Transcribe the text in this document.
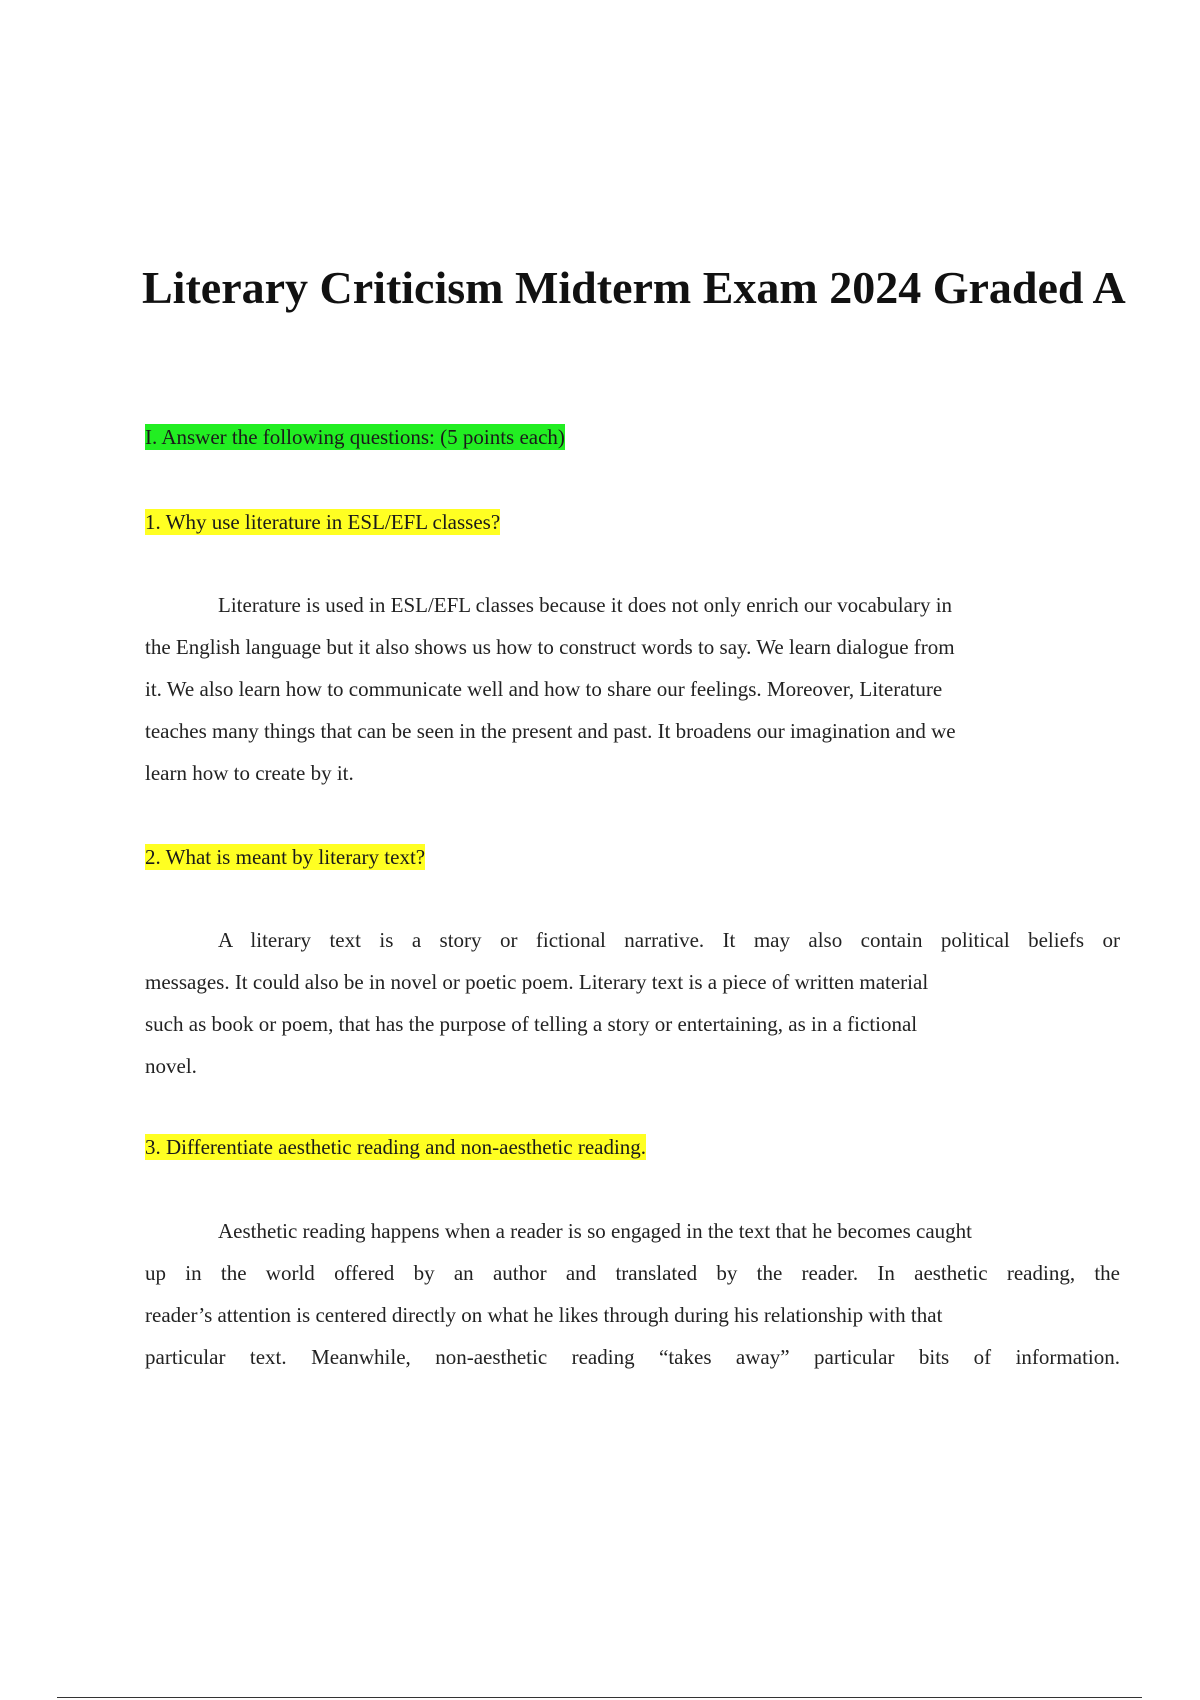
Literary Criticism Midterm Exam 2024 Graded A
I. Answer the following questions: (5 points each)
1. Why use literature in ESL/EFL classes?
Literature is used in ESL/EFL classes because it does not only enrich our vocabulary in
the English language but it also shows us how to construct words to say. We learn dialogue from
it. We also learn how to communicate well and how to share our feelings. Moreover, Literature
teaches many things that can be seen in the present and past. It broadens our imagination and we
learn how to create by it.
2. What is meant by literary text?
A literary text is a story or fictional narrative. It may also contain political beliefs or
messages. It could also be in novel or poetic poem. Literary text is a piece of written material
such as book or poem, that has the purpose of telling a story or entertaining, as in a fictional
novel.
3. Differentiate aesthetic reading and non-aesthetic reading.
Aesthetic reading happens when a reader is so engaged in the text that he becomes caught
up in the world offered by an author and translated by the reader. In aesthetic reading, the
reader’s attention is centered directly on what he likes through during his relationship with that
particular text. Meanwhile, non-aesthetic reading “takes away” particular bits of information.
